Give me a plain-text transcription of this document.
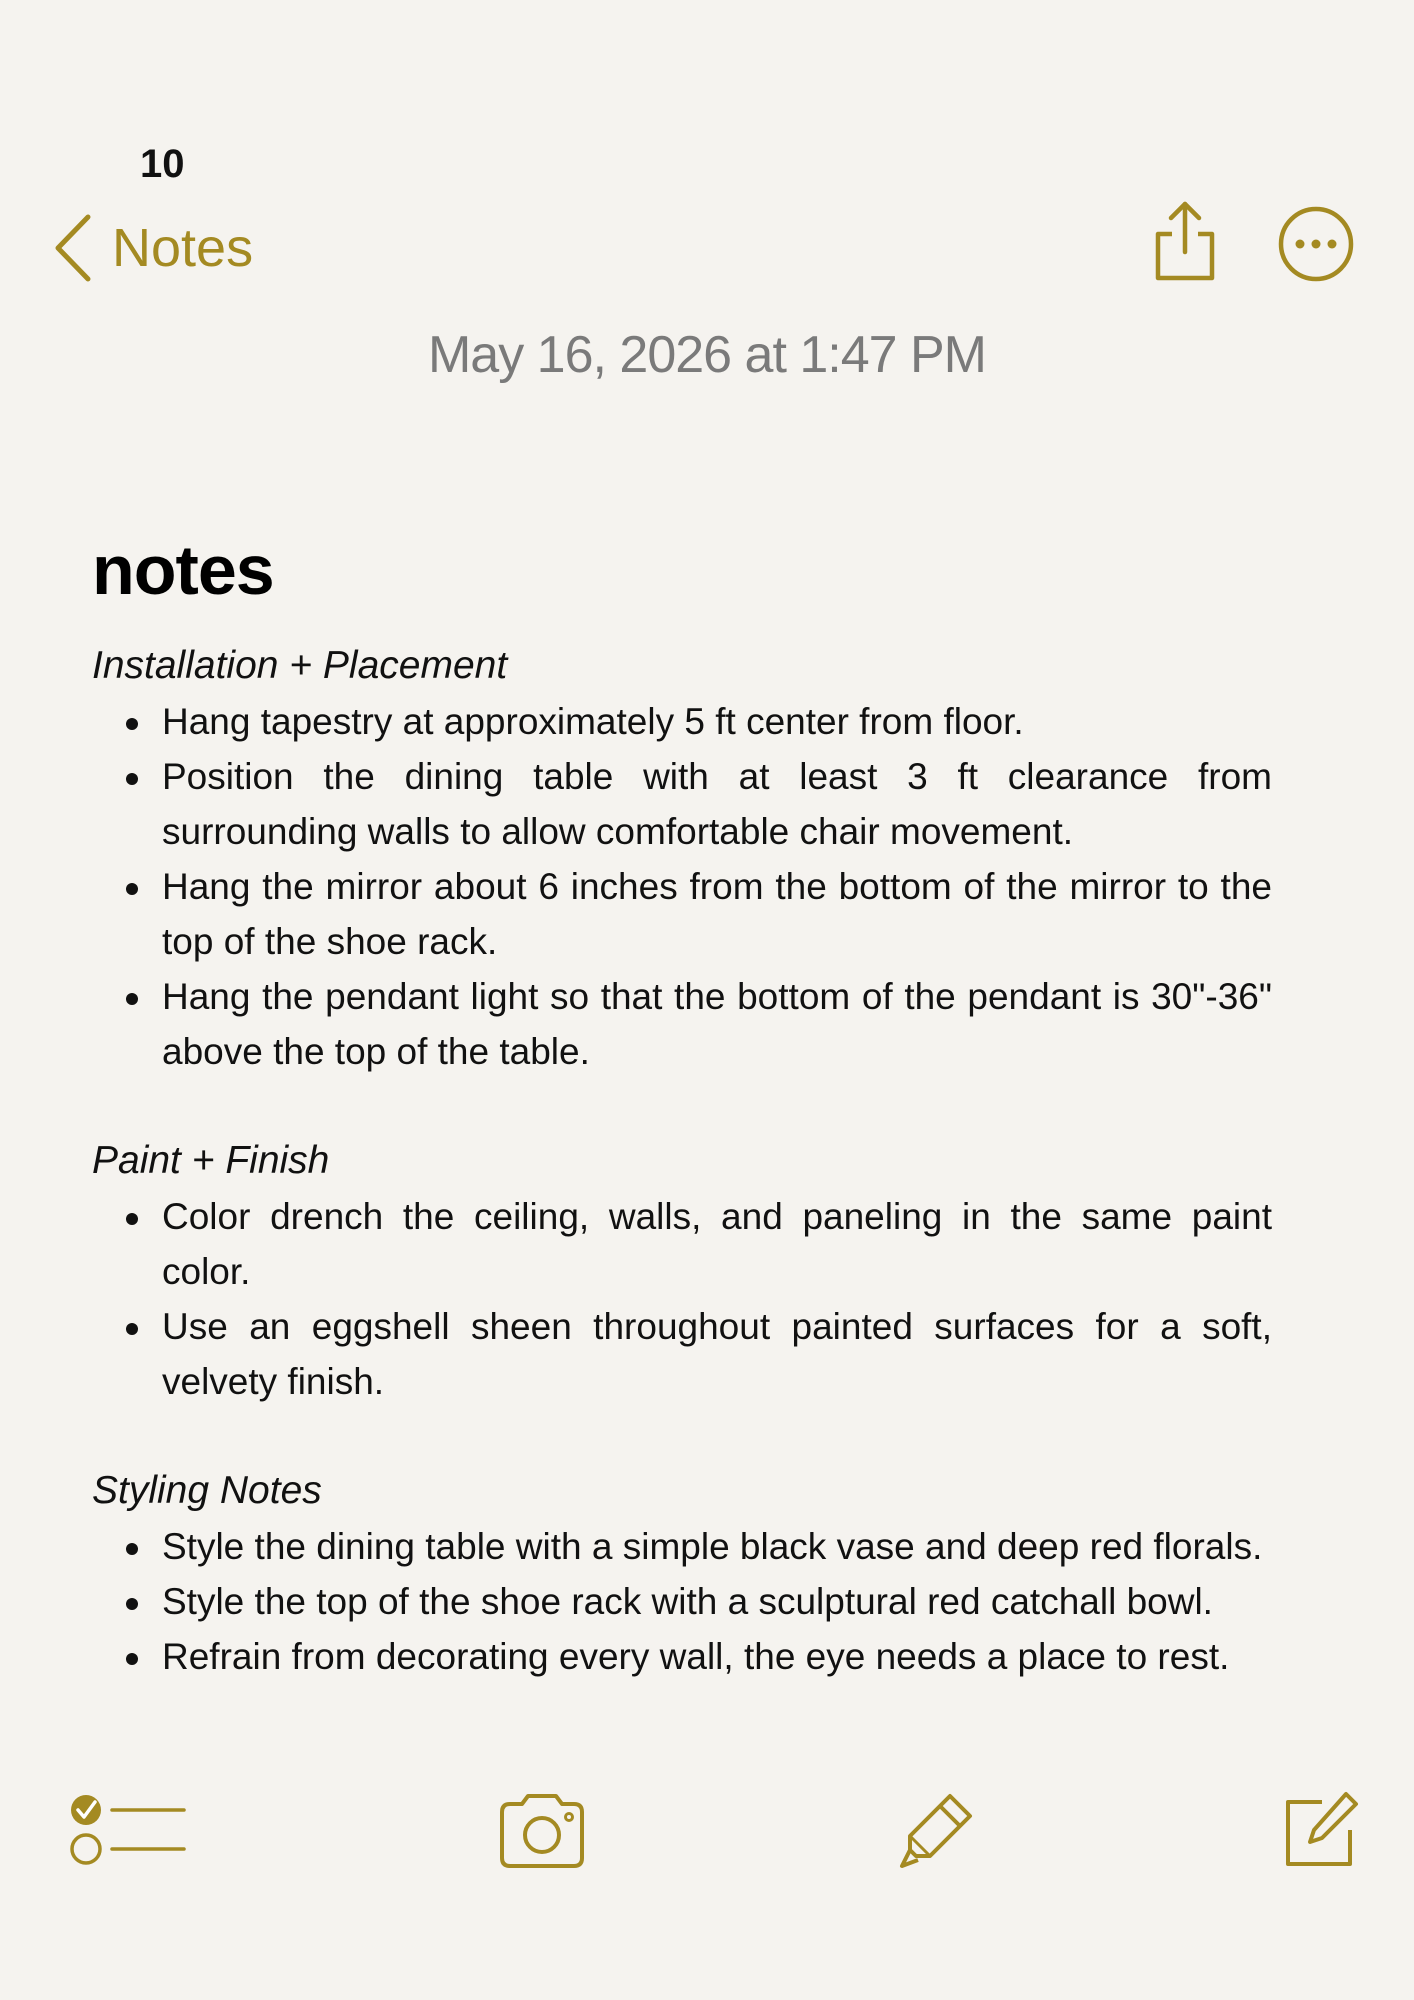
10
Notes
May 16, 2026 at 1:47 PM
notes
Installation + Placement
Hang tapestry at approximately 5 ft center from floor.
Position the dining table with at least 3 ft clearance from surrounding walls to allow comfortable chair movement.
Hang the mirror about 6 inches from the bottom of the mirror to the top of the shoe rack.
Hang the pendant light so that the bottom of the pendant is 30"-36" above the top of the table.
Paint + Finish
Color drench the ceiling, walls, and paneling in the same paint color.
Use an eggshell sheen throughout painted surfaces for a soft, velvety finish.
Styling Notes
Style the dining table with a simple black vase and deep red florals.
Style the top of the shoe rack with a sculptural red catchall bowl.
Refrain from decorating every wall, the eye needs a place to rest.
